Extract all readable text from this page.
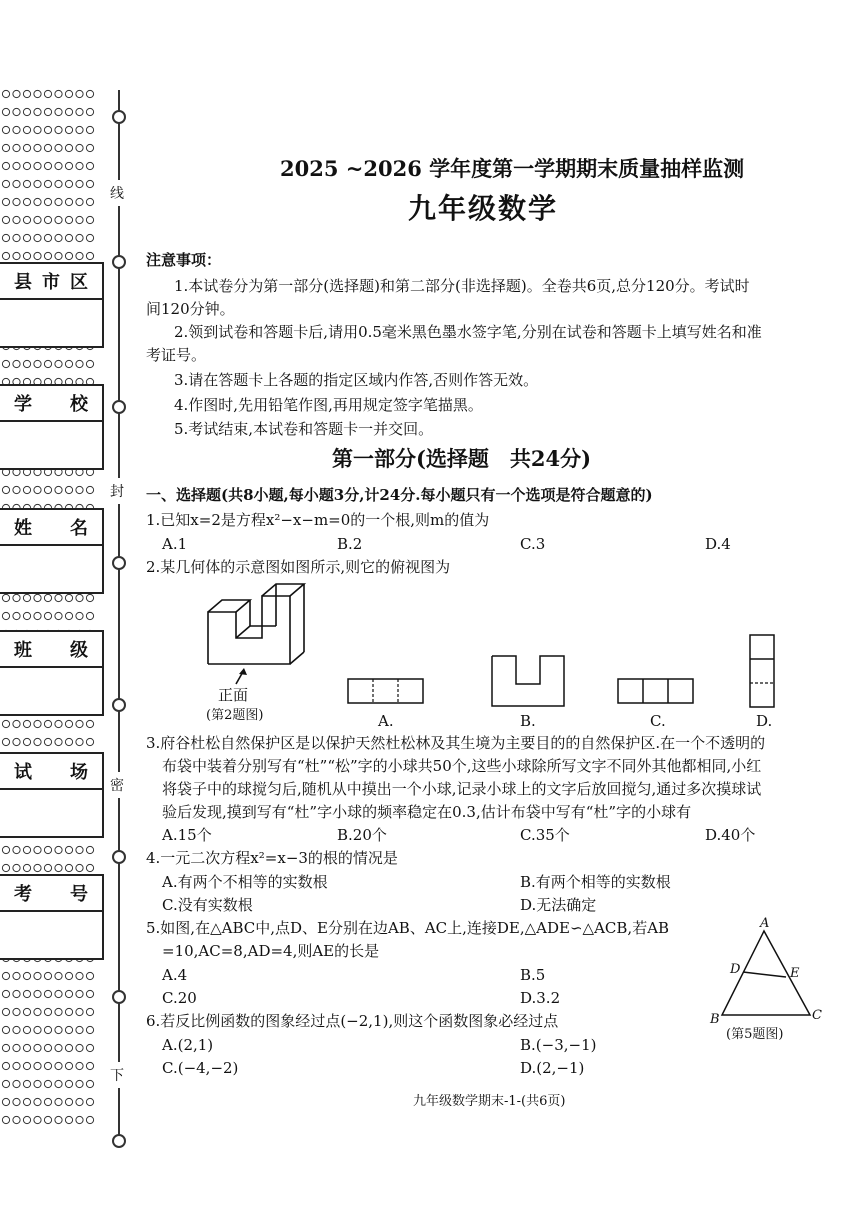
县 市 区
学 校
姓 名
班 级
试 场
考 号
线
封
密
下
2025 ~2026 学年度第一学期期末质量抽样监测
九年级数学
注意事项：
1.本试卷分为第一部分(选择题)和第二部分(非选择题)。全卷共6页,总分120分。考试时
间120分钟。
2.领到试卷和答题卡后,请用0.5毫米黑色墨水签字笔,分别在试卷和答题卡上填写姓名和准
考证号。
3.请在答题卡上各题的指定区域内作答,否则作答无效。
4.作图时,先用铅笔作图,再用规定签字笔描黑。
5.考试结束,本试卷和答题卡一并交回。
第一部分(选择题　共24分)
一、选择题(共8小题,每小题3分,计24分.每小题只有一个选项是符合题意的)
1.已知x=2是方程x²−x−m=0的一个根,则m的值为
A.1	B.2	C.3	D.4
2.某几何体的示意图如图所示,则它的俯视图为
正面
(第2题图)	A.	B.	C.	D.
3.府谷杜松自然保护区是以保护天然杜松林及其生境为主要目的的自然保护区.在一个不透明的
布袋中装着分别写有“杜”“松”字的小球共50个,这些小球除所写文字不同外其他都相同,小红
将袋子中的球搅匀后,随机从中摸出一个小球,记录小球上的文字后放回搅匀,通过多次摸球试
验后发现,摸到写有“杜”字小球的频率稳定在0.3,估计布袋中写有“杜”字的小球有
A.15个	B.20个	C.35个	D.40个
4.一元二次方程x²=x−3的根的情况是
A.有两个不相等的实数根	B.有两个相等的实数根
C.没有实数根	D.无法确定
5.如图,在△ABC中,点D、E分别在边AB、AC上,连接DE,△ADE∽△ACB,若AB
=10,AC=8,AD=4,则AE的长是
A.4	B.5
C.20	D.3.2
A
B	C
D	E
(第5题图)
6.若反比例函数的图象经过点(−2,1),则这个函数图象必经过点
A.(2,1)	B.(−3,−1)
C.(−4,−2)	D.(2,−1)
九年级数学期末-1-(共6页)
